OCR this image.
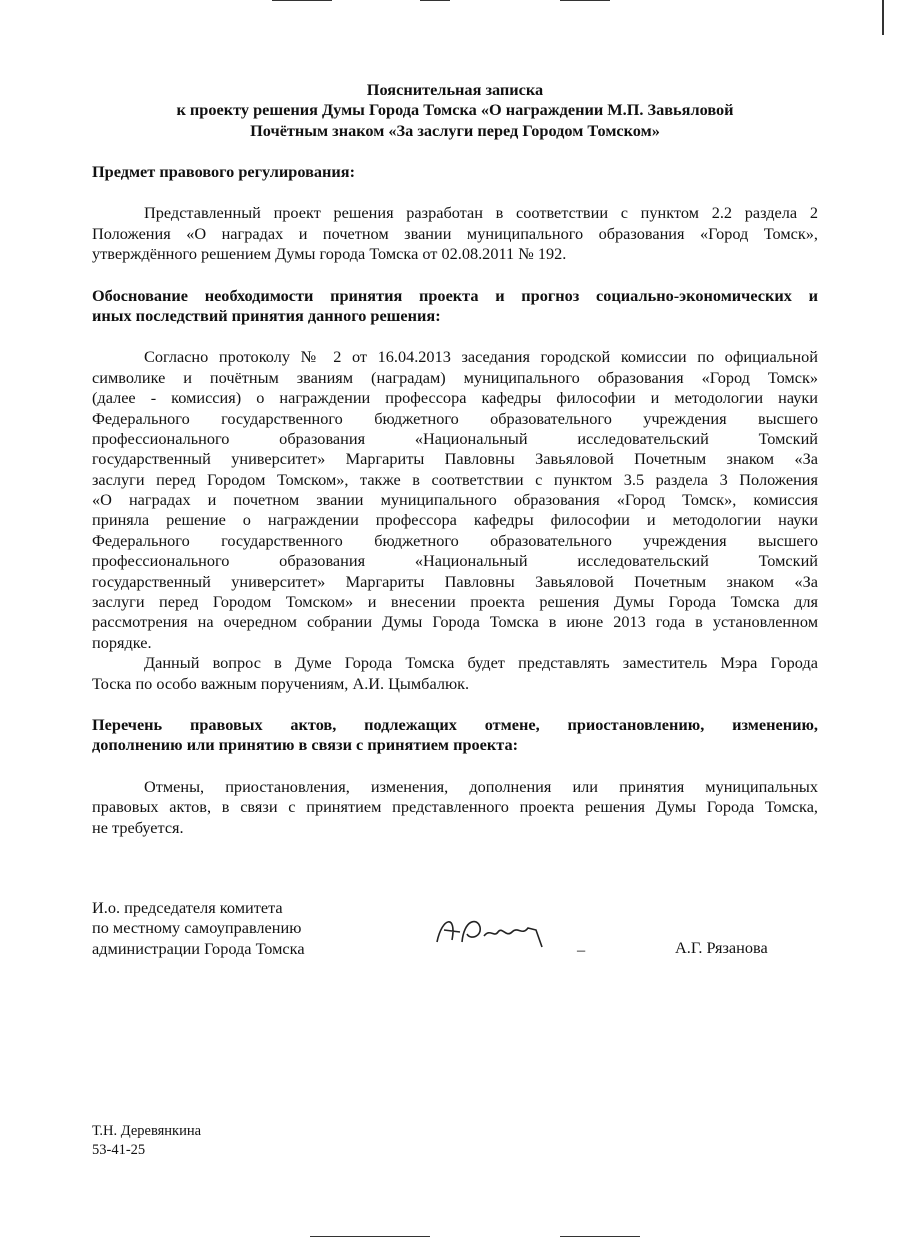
Пояснительная записка
к проекту решения Думы Города Томска «О награждении М.П. Завьяловой
Почётным знаком «За заслуги перед Городом Томском»
Предмет правового регулирования:
Представленный проект решения разработан в соответствии с пунктом 2.2 раздела 2
Положения «О наградах и почетном звании муниципального образования «Город Томск»,
утверждённого решением Думы города Томска от 02.08.2011 № 192.
Обоснование необходимости принятия проекта и прогноз социально-экономических и
иных последствий принятия данного решения:
Согласно протоколу № 2 от 16.04.2013 заседания городской комиссии по официальной
символике и почётным званиям (наградам) муниципального образования «Город Томск»
(далее - комиссия) о награждении профессора кафедры философии и методологии науки
Федерального государственного бюджетного образовательного учреждения высшего
профессионального образования «Национальный исследовательский Томский
государственный университет» Маргариты Павловны Завьяловой Почетным знаком «За
заслуги перед Городом Томском», также в соответствии с пунктом 3.5 раздела 3 Положения
«О наградах и почетном звании муниципального образования «Город Томск», комиссия
приняла решение о награждении профессора кафедры философии и методологии науки
Федерального государственного бюджетного образовательного учреждения высшего
профессионального образования «Национальный исследовательский Томский
государственный университет» Маргариты Павловны Завьяловой Почетным знаком «За
заслуги перед Городом Томском» и внесении проекта решения Думы Города Томска для
рассмотрения на очередном собрании Думы Города Томска в июне 2013 года в установленном
порядке.
Данный вопрос в Думе Города Томска будет представлять заместитель Мэра Города
Тоска по особо важным поручениям, А.И. Цымбалюк.
Перечень правовых актов, подлежащих отмене, приостановлению, изменению,
дополнению или принятию в связи с принятием проекта:
Отмены, приостановления, изменения, дополнения или принятия муниципальных
правовых актов, в связи с принятием представленного проекта решения Думы Города Томска,
не требуется.
И.о. председателя комитета
по местному самоуправлению
администрации Города Томска	–	А.Г. Рязанова
Т.Н. Деревянкина
53-41-25
